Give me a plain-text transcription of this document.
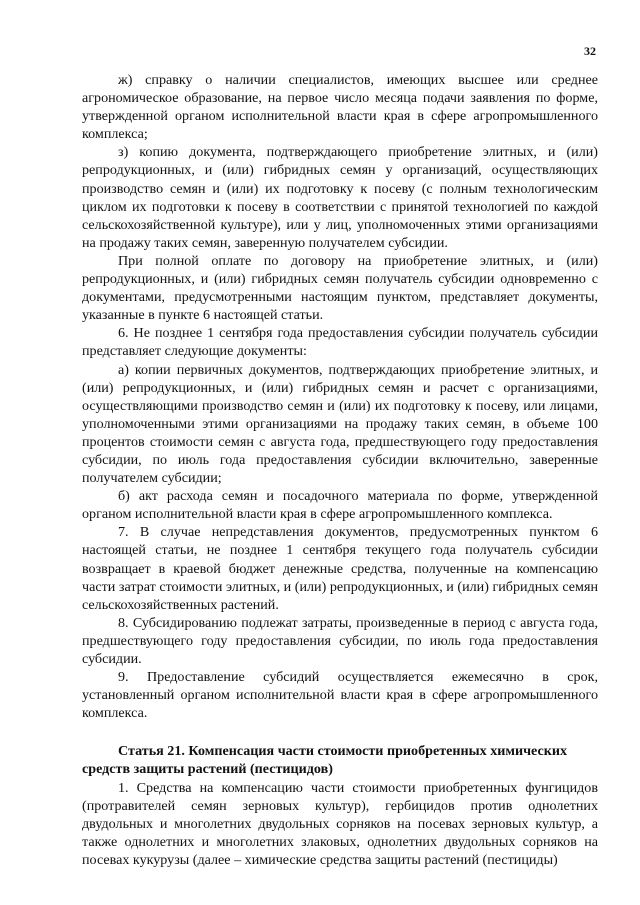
32

ж) справку о наличии специалистов, имеющих высшее или среднее агрономическое образование, на первое число месяца подачи заявления по форме, утвержденной органом исполнительной власти края в сфере агропромышленного комплекса;

з) копию документа, подтверждающего приобретение элитных, и (или) репродукционных, и (или) гибридных семян у организаций, осуществляющих производство семян и (или) их подготовку к посеву (с полным технологическим циклом их подготовки к посеву в соответствии с принятой технологией по каждой сельскохозяйственной культуре), или у лиц, уполномоченных этими организациями на продажу таких семян, заверенную получателем субсидии.

При полной оплате по договору на приобретение элитных, и (или) репродукционных, и (или) гибридных семян получатель субсидии одновременно с документами, предусмотренными настоящим пунктом, представляет документы, указанные в пункте 6 настоящей статьи.

6. Не позднее 1 сентября года предоставления субсидии получатель субсидии представляет следующие документы:

а) копии первичных документов, подтверждающих приобретение элитных, и (или) репродукционных, и (или) гибридных семян и расчет с организациями, осуществляющими производство семян и (или) их подготовку к посеву, или лицами, уполномоченными этими организациями на продажу таких семян, в объеме 100 процентов стоимости семян с августа года, предшествующего году предоставления субсидии, по июль года предоставления субсидии включительно, заверенные получателем субсидии;

б) акт расхода семян и посадочного материала по форме, утвержденной органом исполнительной власти края в сфере агропромышленного комплекса.

7. В случае непредставления документов, предусмотренных пунктом 6 настоящей статьи, не позднее 1 сентября текущего года получатель субсидии возвращает в краевой бюджет денежные средства, полученные на компенсацию части затрат стоимости элитных, и (или) репродукционных, и (или) гибридных семян сельскохозяйственных растений.

8. Субсидированию подлежат затраты, произведенные в период с августа года, предшествующего году предоставления субсидии, по июль года предоставления субсидии.

9. Предоставление субсидий осуществляется ежемесячно в срок, установленный органом исполнительной власти края в сфере агропромышленного комплекса.

Статья 21. Компенсация части стоимости приобретенных химических

средств защиты растений (пестицидов)

1. Средства на компенсацию части стоимости приобретенных фунгицидов (протравителей семян зерновых культур), гербицидов против однолетних двудольных и многолетних двудольных сорняков на посевах зерновых культур, а также однолетних и многолетних злаковых, однолетних двудольных сорняков на посевах кукурузы (далее – химические средства защиты растений (пестициды)
